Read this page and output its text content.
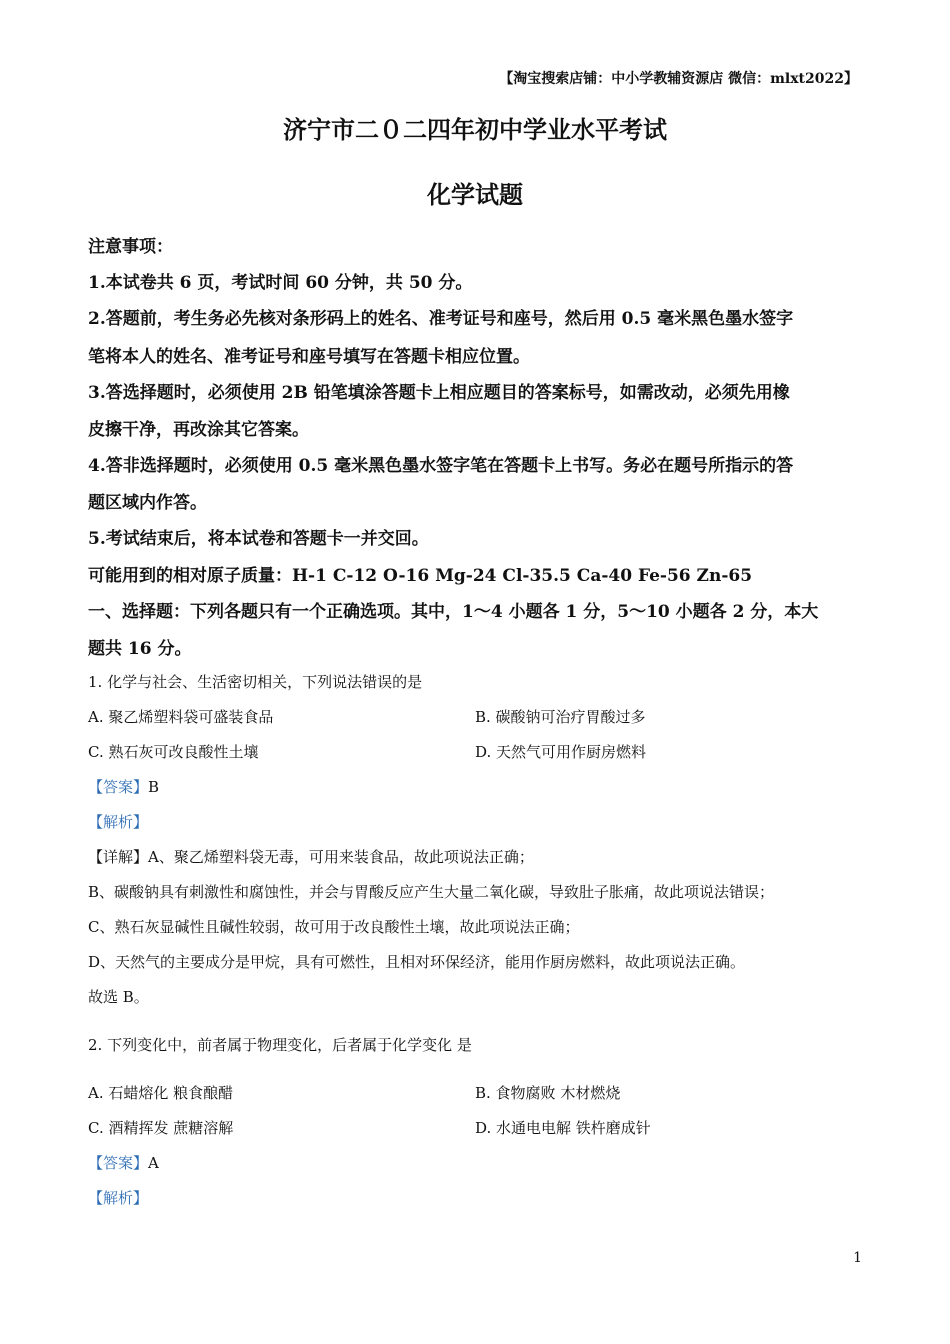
【淘宝搜索店铺：中小学教辅资源店 微信：mlxt2022】
济宁市二０二四年初中学业水平考试
化学试题
注意事项：
1.本试卷共 6 页，考试时间 60 分钟，共 50 分。
2.答题前，考生务必先核对条形码上的姓名、准考证号和座号，然后用 0.5 毫米黑色墨水签字
笔将本人的姓名、准考证号和座号填写在答题卡相应位置。
3.答选择题时，必须使用 2B 铅笔填涂答题卡上相应题目的答案标号，如需改动，必须先用橡
皮擦干净，再改涂其它答案。
4.答非选择题时，必须使用 0.5 毫米黑色墨水签字笔在答题卡上书写。务必在题号所指示的答
题区域内作答。
5.考试结束后，将本试卷和答题卡一并交回。
可能用到的相对原子质量：H-1 C-12 O-16 Mg-24 Cl-35.5 Ca-40 Fe-56 Zn-65
一、选择题：下列各题只有一个正确选项。其中，1～4 小题各 1 分，5～10 小题各 2 分，本大
题共 16 分。
1. 化学与社会、生活密切相关，下列说法错误的是
A. 聚乙烯塑料袋可盛装食品	B. 碳酸钠可治疗胃酸过多
C. 熟石灰可改良酸性土壤	D. 天然气可用作厨房燃料
【答案】B
【解析】
【详解】A、聚乙烯塑料袋无毒，可用来装食品，故此项说法正确；
B、碳酸钠具有刺激性和腐蚀性，并会与胃酸反应产生大量二氧化碳，导致肚子胀痛，故此项说法错误；
C、熟石灰显碱性且碱性较弱，故可用于改良酸性土壤，故此项说法正确；
D、天然气的主要成分是甲烷，具有可燃性，且相对环保经济，能用作厨房燃料，故此项说法正确。
故选 B。
2. 下列变化中，前者属于物理变化，后者属于化学变化 是
A. 石蜡熔化 粮食酿醋	B. 食物腐败 木材燃烧
C. 酒精挥发 蔗糖溶解	D. 水通电电解 铁杵磨成针
【答案】A
【解析】
1
